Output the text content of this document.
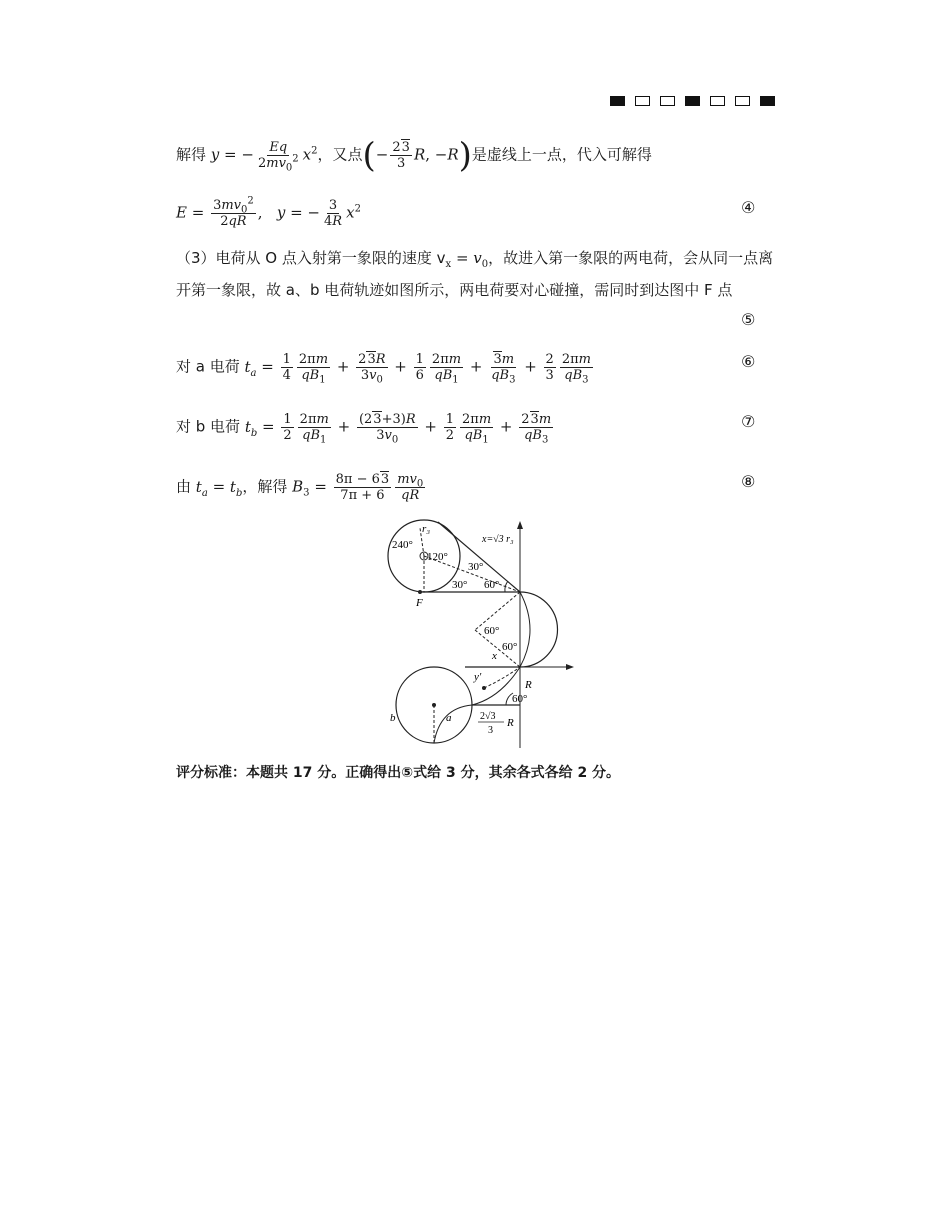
解得 y = − $\frac{Eq}{2mv_0^2} x^2$，又点(− $\frac{23}{3} R$, −R)是虚线上一点，代入可解得
$E = \frac{3mv_0^2}{2qR}$ ,   y = − $\frac{3}{4R} x^2$	④
（3）电荷从 O 点入射第一象限的速度 $v_x = v_0$，故进入第一象限的两电荷，会从同一点离
开第一象限，故 a、b 电荷轨迹如图所示，两电荷要对心碰撞，需同时到达图中 F 点
⑤
对 a 电荷 $t_a = \frac{1}{4} \frac{2\pi m}{qB_1} + \frac{23R}{3v_0} + \frac{1}{6} \frac{2\pi m}{qB_1} + \frac{3m}{qB_3} + \frac{2}{3} \frac{2\pi m}{qB_3}$	⑥
对 b 电荷 $t_b = \frac{1}{2} \frac{2\pi m}{qB_1} + \frac{(23+3)R}{3v_0} + \frac{1}{2} \frac{2\pi m}{qB_1} + \frac{23m}{qB_3}$	⑦
由 $t_a = t_b$，解得 $B_3 = \frac{8\pi - 63}{7\pi + 6} \frac{mv_0}{qR}$	⑧
r₃
240°
120°
x=√3 r₃
30°
30° 60°
F
60°
60°
x
y'
R
60°
b	a	2√3
3
R
评分标准：本题共 17 分。正确得出⑤式给 3 分，其余各式各给 2 分。
